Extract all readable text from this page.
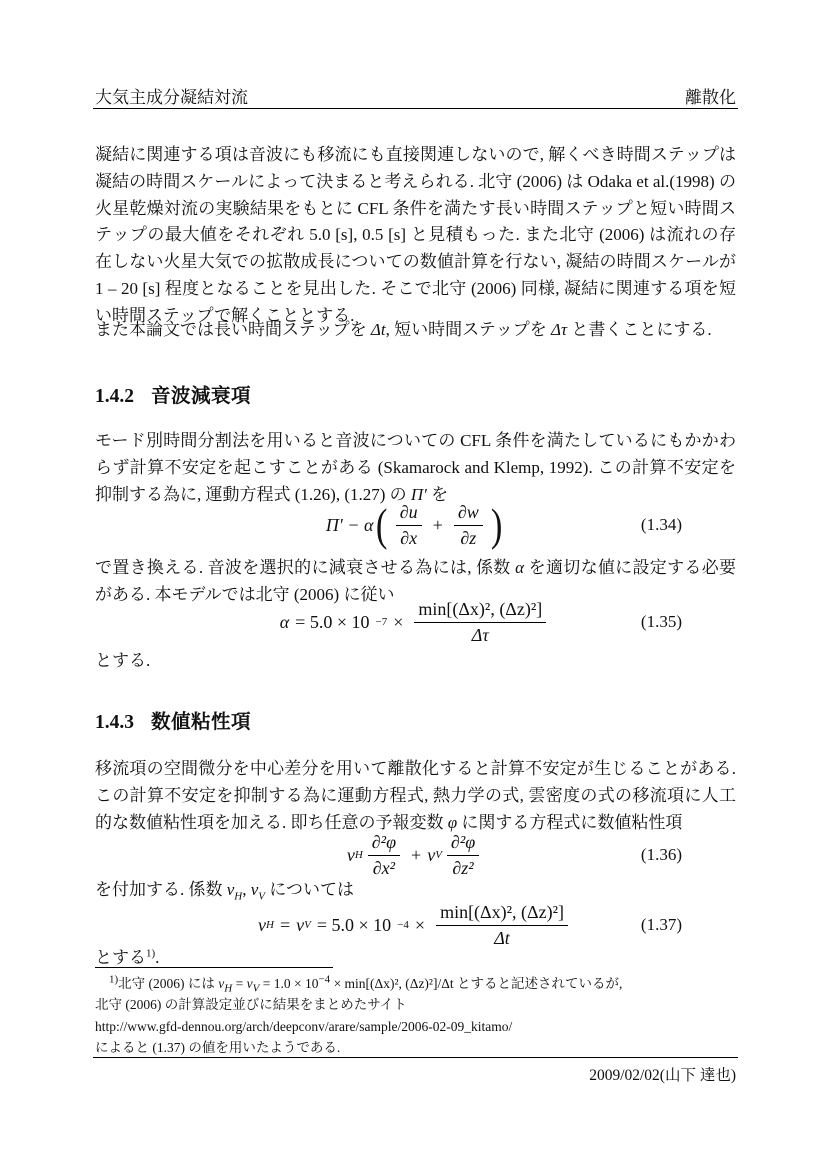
大気主成分凝結対流	離散化
凝結に関連する項は音波にも移流にも直接関連しないので, 解くべき時間ステップは凝結の時間スケールによって決まると考えられる. 北守 (2006) は Odaka et al.(1998) の火星乾燥対流の実験結果をもとに CFL 条件を満たす長い時間ステップと短い時間ステップの最大値をそれぞれ 5.0 [s], 0.5 [s] と見積もった. また北守 (2006) は流れの存在しない火星大気での拡散成長についての数値計算を行ない, 凝結の時間スケールが 1 – 20 [s] 程度となることを見出した. そこで北守 (2006) 同様, 凝結に関連する項を短い時間ステップで解くこととする.
また本論文では長い時間ステップを Δt, 短い時間ステップを Δτ と書くことにする.
1.4.2 音波減衰項
モード別時間分割法を用いると音波についての CFL 条件を満たしているにもかかわらず計算不安定を起こすことがある (Skamarock and Klemp, 1992). この計算不安定を抑制する為に, 運動方程式 (1.26), (1.27) の Π′ を
Π′ − α ( $\frac{\partial u}{\partial x} + \frac{\partial w}{\partial z}$ )	(1.34)
で置き換える. 音波を選択的に減衰させる為には, 係数 α を適切な値に設定する必要がある. 本モデルでは北守 (2006) に従い
$\alpha = 5.0 \times 10 -7 \times \frac{\text{min[(Δx)², (Δz)²]}}{\Delta\tau}$	(1.35)
とする.
1.4.3 数値粘性項
移流項の空間微分を中心差分を用いて離散化すると計算不安定が生じることがある. この計算不安定を抑制する為に運動方程式, 熱力学の式, 雲密度の式の移流項に人工的な数値粘性項を加える. 即ち任意の予報変数 φ に関する方程式に数値粘性項
ν H $\frac{\text{∂²φ}}{\text{∂x²}} + \nu$ V $\frac{\text{∂²φ}}{\text{∂z²}}$	(1.36)
を付加する. 係数 $\nu_H$, $\nu_V$ については
ν H = ν $V = 5.0 \times 10 -4 \times \frac{\text{min[(Δx)², (Δz)²]}}{\Delta t}$	(1.37)
とする$^{1)}$.
$^{1)}$北守 (2006) には $\nu_H = \nu_V = 1.0 \times 10^{-4} \times \min[(\Delta x)^2$, (Δz)²]/Δt とすると記述されているが,
北守 (2006) の計算設定並びに結果をまとめたサイト
http://www.gfd-dennou.org/arch/deepconv/arare/sample/2006-02-09_kitamo/
によると (1.37) の値を用いたようである.
2009/02/02(山下 達也)
